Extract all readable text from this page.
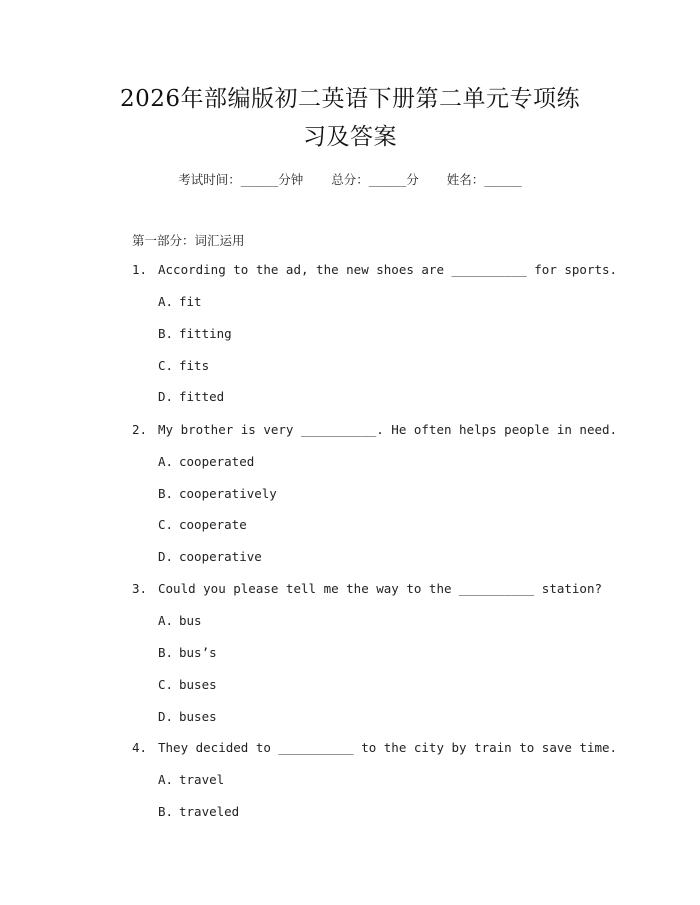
2026年部编版初二英语下册第二单元专项练
习及答案
考试时间：______分钟 总分：______分 姓名：______
第一部分：词汇运用
1. According to the ad, the new shoes are __________ for sports.
A. fit
B. fitting
C. fits
D. fitted
2. My brother is very __________. He often helps people in need.
A. cooperated
B. cooperatively
C. cooperate
D. cooperative
3. Could you please tell me the way to the __________ station?
A. bus
B. bus’s
C. buses
D. buses
4. They decided to __________ to the city by train to save time.
A. travel
B. traveled
